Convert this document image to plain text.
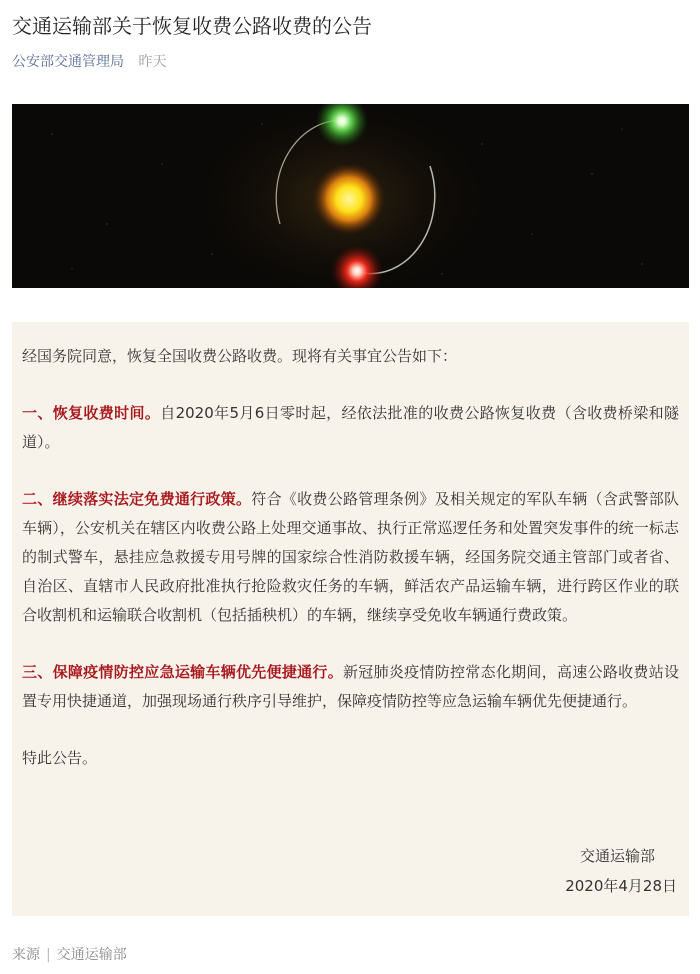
交通运输部关于恢复收费公路收费的公告
公安部交通管理局 昨天

经国务院同意，恢复全国收费公路收费。现将有关事宜公告如下：

一、恢复收费时间。自2020年5月6日零时起，经依法批准的收费公路恢复收费（含收费桥梁和隧道）。

二、继续落实法定免费通行政策。符合《收费公路管理条例》及相关规定的军队车辆（含武警部队车辆），公安机关在辖区内收费公路上处理交通事故、执行正常巡逻任务和处置突发事件的统一标志的制式警车，悬挂应急救援专用号牌的国家综合性消防救援车辆，经国务院交通主管部门或者省、自治区、直辖市人民政府批准执行抢险救灾任务的车辆，鲜活农产品运输车辆，进行跨区作业的联合收割机和运输联合收割机（包括插秧机）的车辆，继续享受免收车辆通行费政策。

三、保障疫情防控应急运输车辆优先便捷通行。新冠肺炎疫情防控常态化期间，高速公路收费站设置专用快捷通道，加强现场通行秩序引导维护，保障疫情防控等应急运输车辆优先便捷通行。

特此公告。

交通运输部
2020年4月28日
来源 | 交通运输部
